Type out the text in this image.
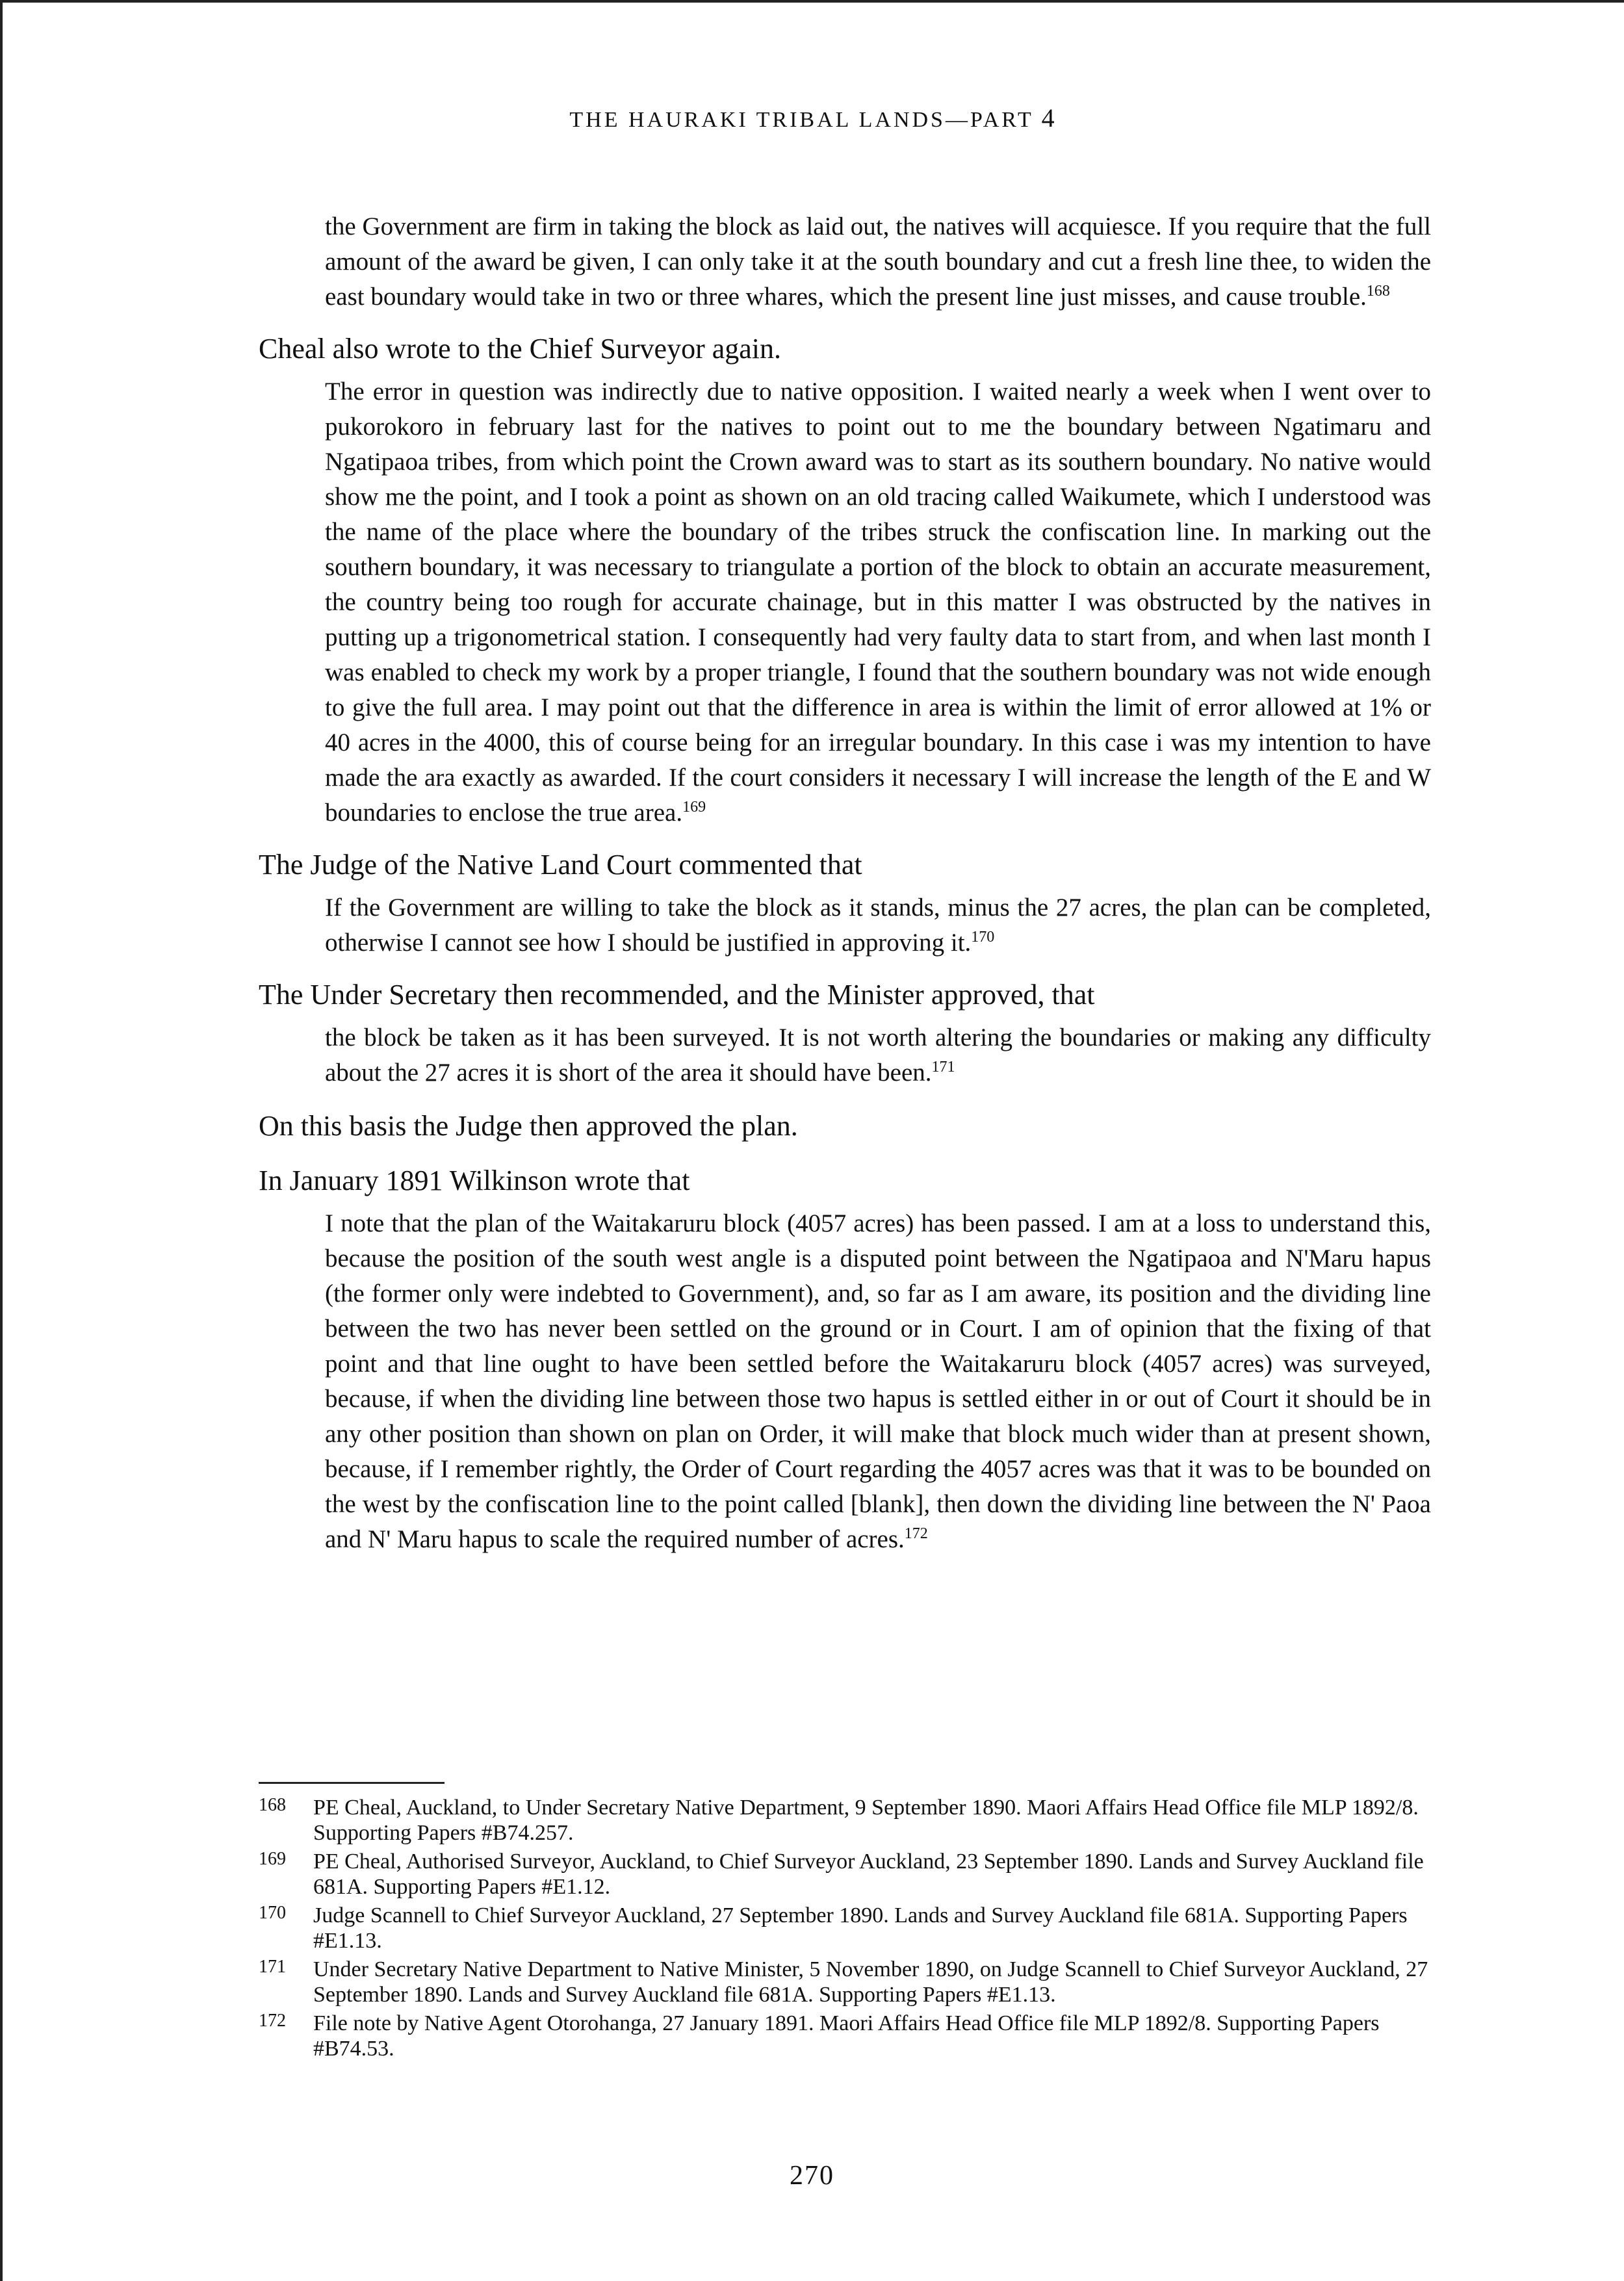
THE HAURAKI TRIBAL LANDS—PART 4

the Government are firm in taking the block as laid out, the natives will acquiesce. If you require that the full amount of the award be given, I can only take it at the south boundary and cut a fresh line thee, to widen the east boundary would take in two or three whares, which the present line just misses, and cause trouble.$^{168}$

Cheal also wrote to the Chief Surveyor again.

The error in question was indirectly due to native opposition. I waited nearly a week when I went over to pukorokoro in february last for the natives to point out to me the boundary between Ngatimaru and Ngatipaoa tribes, from which point the Crown award was to start as its southern boundary. No native would show me the point, and I took a point as shown on an old tracing called Waikumete, which I understood was the name of the place where the boundary of the tribes struck the confiscation line. In marking out the southern boundary, it was necessary to triangulate a portion of the block to obtain an accurate measurement, the country being too rough for accurate chainage, but in this matter I was obstructed by the natives in putting up a trigonometrical station. I consequently had very faulty data to start from, and when last month I was enabled to check my work by a proper triangle, I found that the southern boundary was not wide enough to give the full area. I may point out that the difference in area is within the limit of error allowed at 1% or 40 acres in the 4000, this of course being for an irregular boundary. In this case i was my intention to have made the ara exactly as awarded. If the court considers it necessary I will increase the length of the E and W boundaries to enclose the true area.$^{169}$

The Judge of the Native Land Court commented that

If the Government are willing to take the block as it stands, minus the 27 acres, the plan can be completed, otherwise I cannot see how I should be justified in approving it.$^{170}$

The Under Secretary then recommended, and the Minister approved, that

the block be taken as it has been surveyed. It is not worth altering the boundaries or making any difficulty about the 27 acres it is short of the area it should have been.$^{171}$

On this basis the Judge then approved the plan.

In January 1891 Wilkinson wrote that

I note that the plan of the Waitakaruru block (4057 acres) has been passed. I am at a loss to understand this, because the position of the south west angle is a disputed point between the Ngatipaoa and N'Maru hapus (the former only were indebted to Government), and, so far as I am aware, its position and the dividing line between the two has never been settled on the ground or in Court. I am of opinion that the fixing of that point and that line ought to have been settled before the Waitakaruru block (4057 acres) was surveyed, because, if when the dividing line between those two hapus is settled either in or out of Court it should be in any other position than shown on plan on Order, it will make that block much wider than at present shown, because, if I remember rightly, the Order of Court regarding the 4057 acres was that it was to be bounded on the west by the confiscation line to the point called [blank], then down the dividing line between the N' Paoa and N' Maru hapus to scale the required number of acres.$^{172}$

168 PE Cheal, Auckland, to Under Secretary Native Department, 9 September 1890. Maori Affairs Head Office file MLP 1892/8. Supporting Papers #B74.257.
169 PE Cheal, Authorised Surveyor, Auckland, to Chief Surveyor Auckland, 23 September 1890. Lands and Survey Auckland file 681A. Supporting Papers #E1.12.
170 Judge Scannell to Chief Surveyor Auckland, 27 September 1890. Lands and Survey Auckland file 681A. Supporting Papers #E1.13.
171 Under Secretary Native Department to Native Minister, 5 November 1890, on Judge Scannell to Chief Surveyor Auckland, 27 September 1890. Lands and Survey Auckland file 681A. Supporting Papers #E1.13.
172 File note by Native Agent Otorohanga, 27 January 1891. Maori Affairs Head Office file MLP 1892/8. Supporting Papers #B74.53.
270
